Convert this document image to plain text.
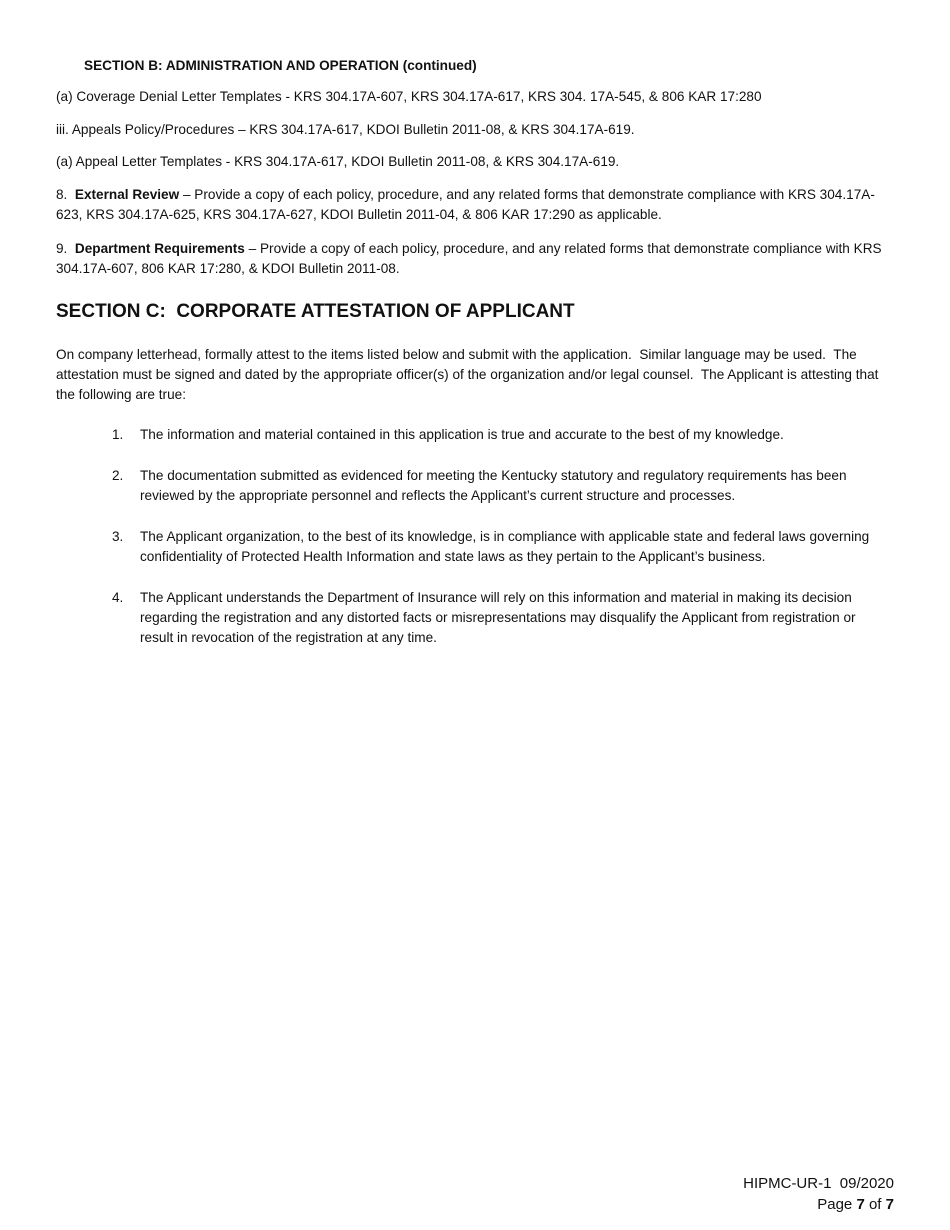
SECTION B: ADMINISTRATION AND OPERATION (continued)
(a) Coverage Denial Letter Templates - KRS 304.17A-607, KRS 304.17A-617, KRS 304. 17A-545, & 806 KAR 17:280
iii. Appeals Policy/Procedures – KRS 304.17A-617, KDOI Bulletin 2011-08, & KRS 304.17A-619.
(a) Appeal Letter Templates - KRS 304.17A-617, KDOI Bulletin 2011-08, & KRS 304.17A-619.
8. External Review – Provide a copy of each policy, procedure, and any related forms that demonstrate compliance with KRS 304.17A-623, KRS 304.17A-625, KRS 304.17A-627, KDOI Bulletin 2011-04, & 806 KAR 17:290 as applicable.
9. Department Requirements – Provide a copy of each policy, procedure, and any related forms that demonstrate compliance with KRS 304.17A-607, 806 KAR 17:280, & KDOI Bulletin 2011-08.
SECTION C:  CORPORATE ATTESTATION OF APPLICANT
On company letterhead, formally attest to the items listed below and submit with the application.  Similar language may be used.  The attestation must be signed and dated by the appropriate officer(s) of the organization and/or legal counsel.  The Applicant is attesting that the following are true:
1. The information and material contained in this application is true and accurate to the best of my knowledge.
2. The documentation submitted as evidenced for meeting the Kentucky statutory and regulatory requirements has been reviewed by the appropriate personnel and reflects the Applicant’s current structure and processes.
3. The Applicant organization, to the best of its knowledge, is in compliance with applicable state and federal laws governing confidentiality of Protected Health Information and state laws as they pertain to the Applicant’s business.
4. The Applicant understands the Department of Insurance will rely on this information and material in making its decision regarding the registration and any distorted facts or misrepresentations may disqualify the Applicant from registration or result in revocation of the registration at any time.
HIPMC-UR-1  09/2020
Page 7 of 7
